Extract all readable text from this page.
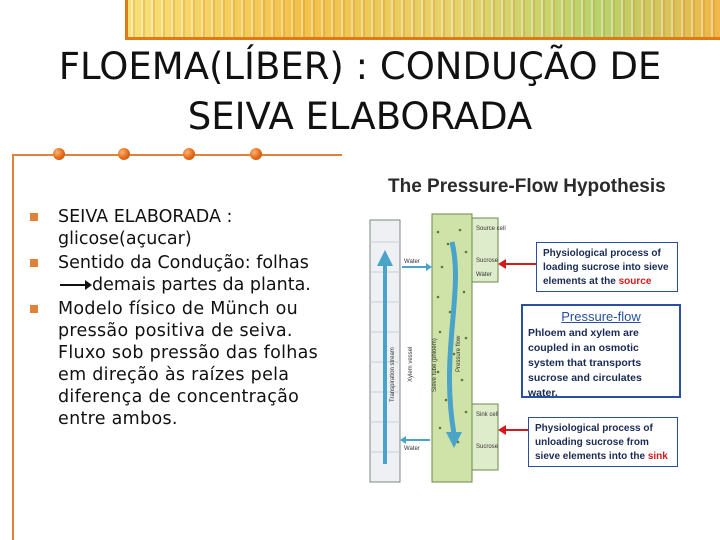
FLOEMA(LÍBER) : CONDUÇÃO DE SEIVA ELABORADA
SEIVA ELABORADA : glicose(açucar)
Sentido da Condução: folhasdemais partes da planta.
Modelo físico de Münch ou pressão positiva de seiva. Fluxo sob pressão das folhas em direção às raízes pela diferença de concentração entre ambos.
The Pressure-Flow Hypothesis
Source cell
Sink cell
Water
Water
Sucrose
Water
Sucrose
Transpiration stream Xylem vessel	Sieve tube (phloem)	Pressure flow
Physiological process of loading sucrose into sieve elements at the source
Pressure-flow
Phloem and xylem are coupled in an osmotic system that transports sucrose and circulates water.
Physiological process of unloading sucrose from sieve elements into the sink
